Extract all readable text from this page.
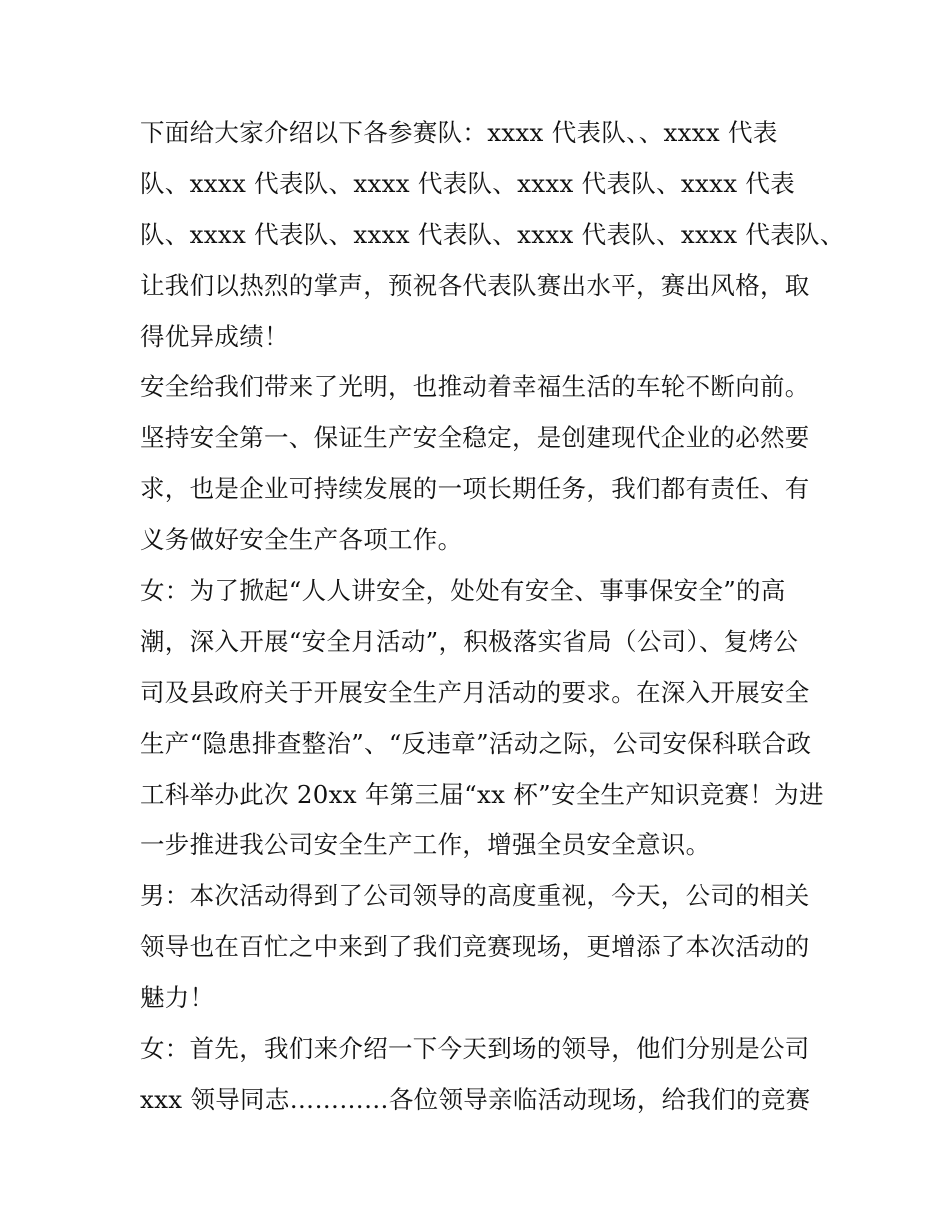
下面给大家介绍以下各参赛队：xxxx 代表队、、xxxx 代表
队、xxxx 代表队、xxxx 代表队、xxxx 代表队、xxxx 代表
队、xxxx 代表队、xxxx 代表队、xxxx 代表队、xxxx 代表队、
让我们以热烈的掌声，预祝各代表队赛出水平，赛出风格，取
得优异成绩！
安全给我们带来了光明，也推动着幸福生活的车轮不断向前。
坚持安全第一、保证生产安全稳定，是创建现代企业的必然要
求，也是企业可持续发展的一项长期任务，我们都有责任、有
义务做好安全生产各项工作。
女：为了掀起“人人讲安全，处处有安全、事事保安全”的高
潮，深入开展“安全月活动”，积极落实省局（公司）、复烤公
司及县政府关于开展安全生产月活动的要求。在深入开展安全
生产“隐患排查整治”、“反违章”活动之际，公司安保科联合政
工科举办此次 20xx 年第三届“xx 杯”安全生产知识竞赛！为进
一步推进我公司安全生产工作，增强全员安全意识。
男：本次活动得到了公司领导的高度重视，今天，公司的相关
领导也在百忙之中来到了我们竞赛现场，更增添了本次活动的
魅力！
女：首先，我们来介绍一下今天到场的领导，他们分别是公司
xxx 领导同志…………各位领导亲临活动现场，给我们的竞赛
